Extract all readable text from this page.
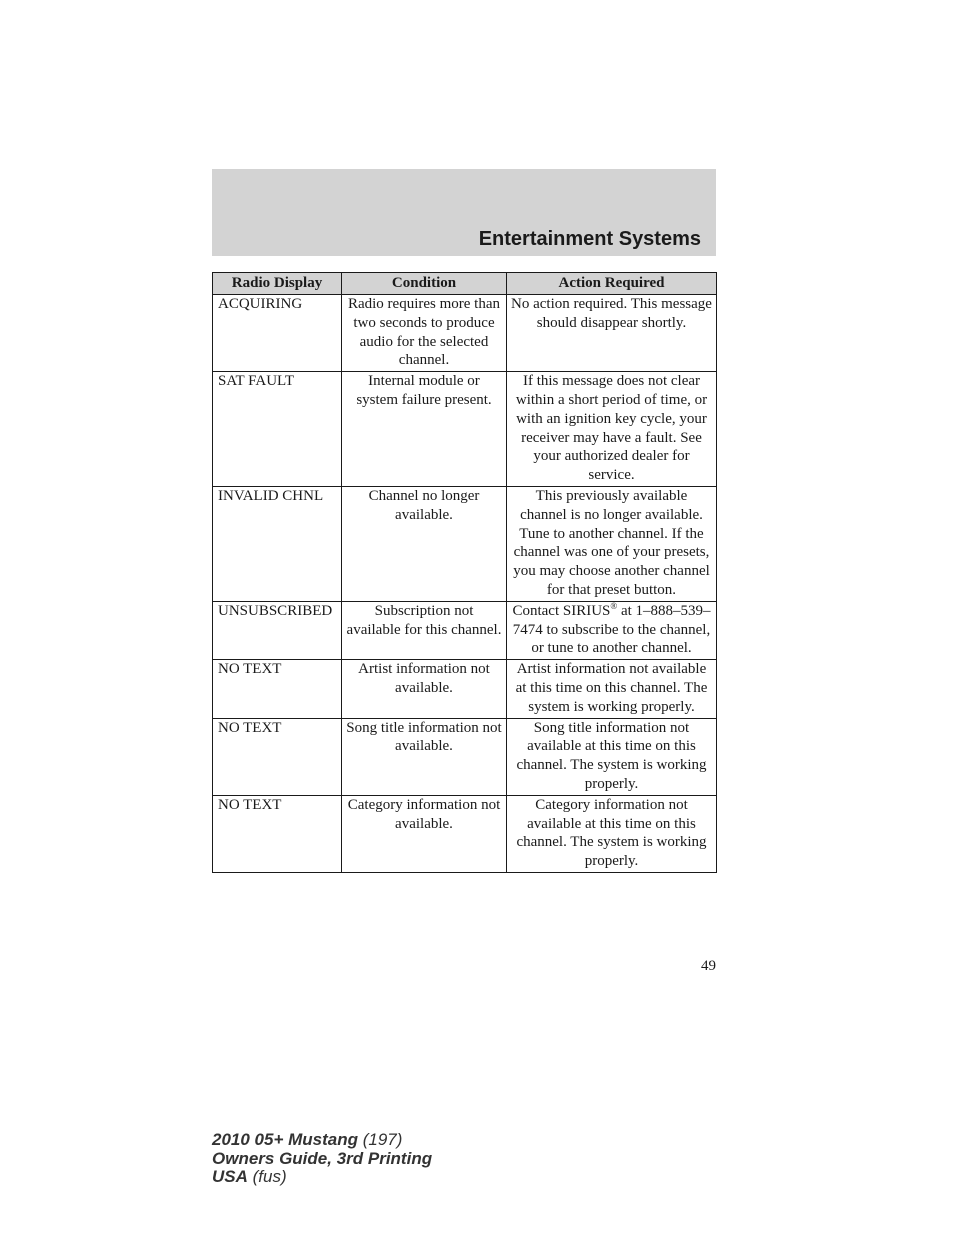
Entertainment Systems
Radio Display	Condition	Action Required
ACQUIRING	Radio requires more than two seconds to produce audio for the selected channel.	No action required. This message should disappear shortly.
SAT FAULT	Internal module or system failure present.	If this message does not clear within a short period of time, or with an ignition key cycle, your receiver may have a fault. See your authorized dealer for service.
INVALID CHNL	Channel no longer available.	This previously available channel is no longer available. Tune to another channel. If the channel was one of your presets, you may choose another channel for that preset button.
UNSUBSCRIBED	Subscription not available for this channel.	Contact SIRIUS® at 1–888–539–7474 to subscribe to the channel, or tune to another channel.
NO TEXT	Artist information not available.	Artist information not available at this time on this channel. The system is working properly.
NO TEXT	Song title information not available.	Song title information not available at this time on this channel. The system is working properly.
NO TEXT	Category information not available.	Category information not available at this time on this channel. The system is working properly.
49
2010 05+ Mustang (197)
Owners Guide, 3rd Printing
USA (fus)
